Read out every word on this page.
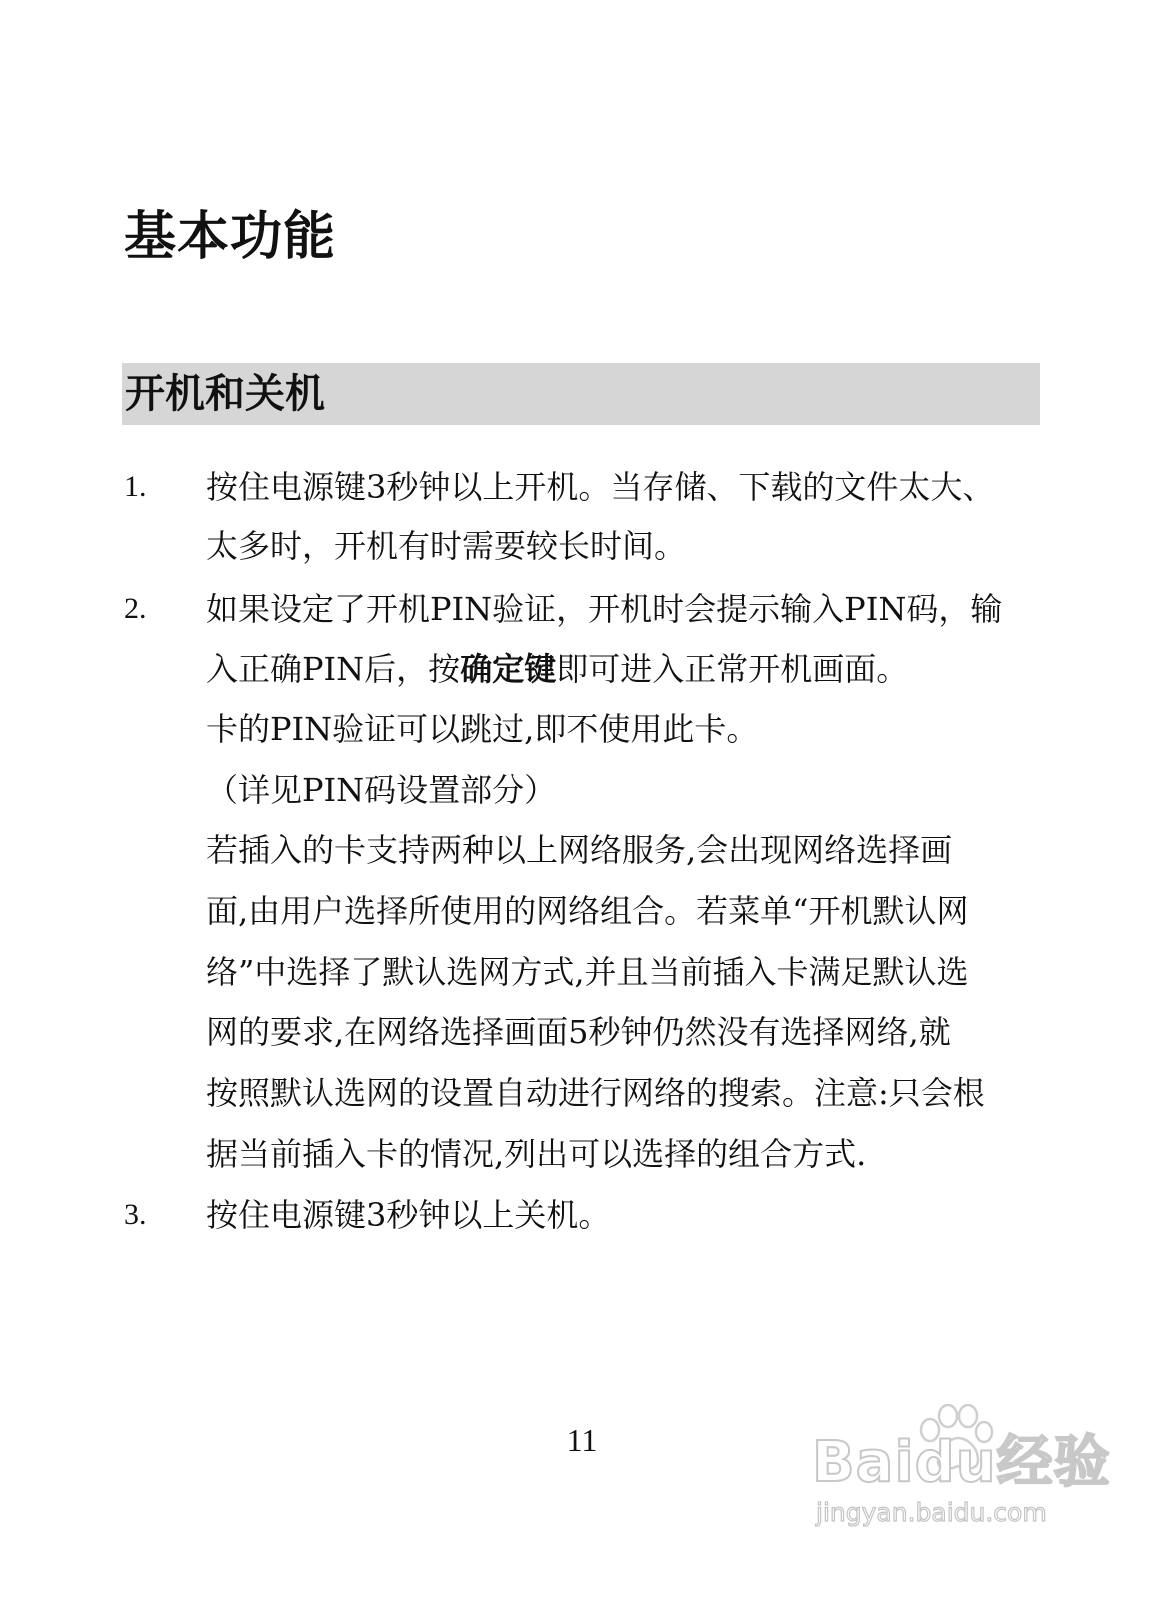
基本功能
开机和关机
1. 按住电源键3秒钟以上开机。当存储、下载的文件太大、
太多时，开机有时需要较长时间。
2. 如果设定了开机PIN验证，开机时会提示输入PIN码，输
入正确PIN后，按确定键即可进入正常开机画面。
卡的PIN验证可以跳过,即不使用此卡。
（详见PIN码设置部分）
若插入的卡支持两种以上网络服务,会出现网络选择画
面,由用户选择所使用的网络组合。若菜单“开机默认网
络”中选择了默认选网方式,并且当前插入卡满足默认选
网的要求,在网络选择画面5秒钟仍然没有选择网络,就
按照默认选网的设置自动进行网络的搜索。注意:只会根
据当前插入卡的情况,列出可以选择的组合方式.
3. 按住电源键3秒钟以上关机。
11	Baidu经验
jingyan.baidu.com
